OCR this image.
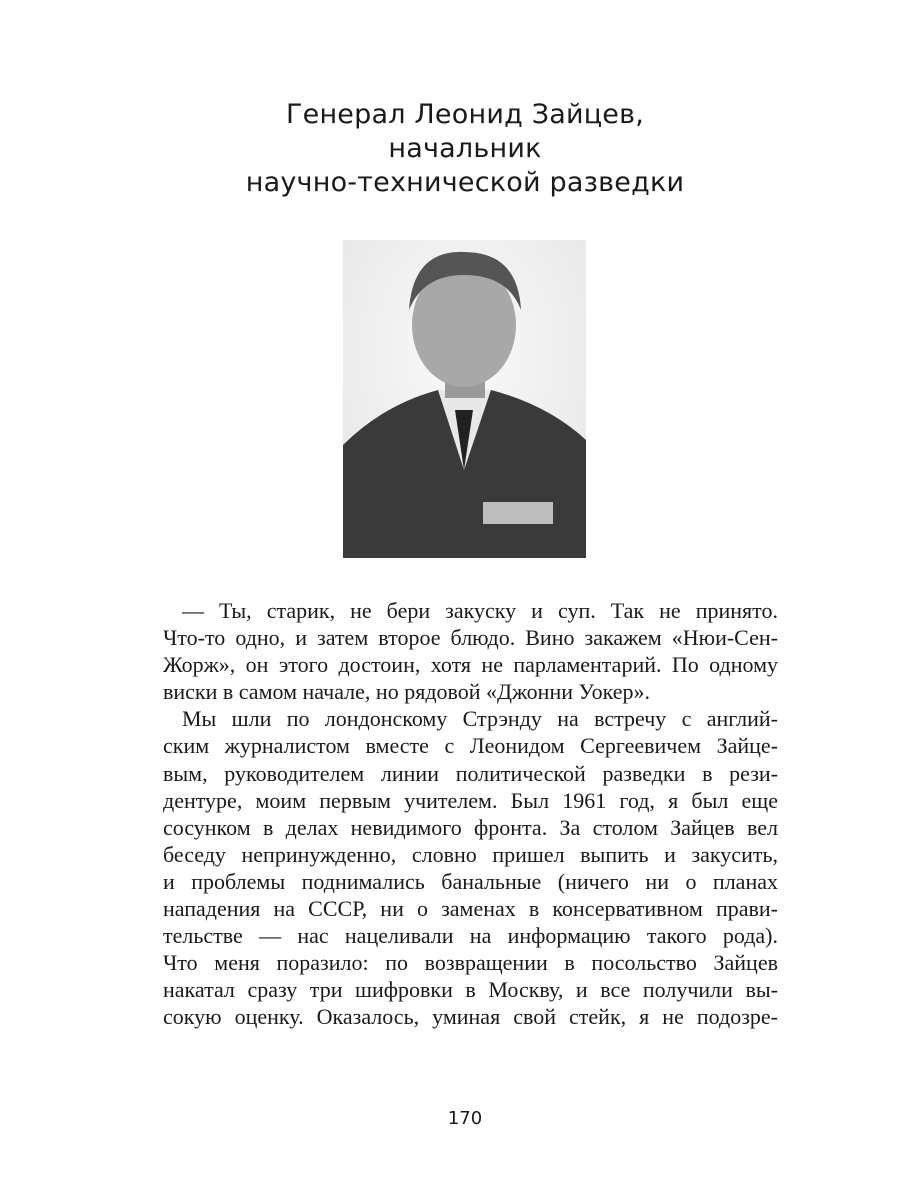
Генерал Леонид Зайцев,
начальник
научно-технической разведки
— Ты, старик, не бери закуску и суп. Так не принято.
Что-то одно, и затем второе блюдо. Вино закажем «Нюи-Сен-
Жорж», он этого достоин, хотя не парламентарий. По одному
виски в самом начале, но рядовой «Джонни Уокер».
Мы шли по лондонскому Стрэнду на встречу с англий-
ским журналистом вместе с Леонидом Сергеевичем Зайце-
вым, руководителем линии политической разведки в рези-
дентуре, моим первым учителем. Был 1961 год, я был еще
сосунком в делах невидимого фронта. За столом Зайцев вел
беседу непринужденно, словно пришел выпить и закусить,
и проблемы поднимались банальные (ничего ни о планах
нападения на СССР, ни о заменах в консервативном прави-
тельстве — нас нацеливали на информацию такого рода).
Что меня поразило: по возвращении в посольство Зайцев
накатал сразу три шифровки в Москву, и все получили вы-
сокую оценку. Оказалось, уминая свой стейк, я не подозре-
170
